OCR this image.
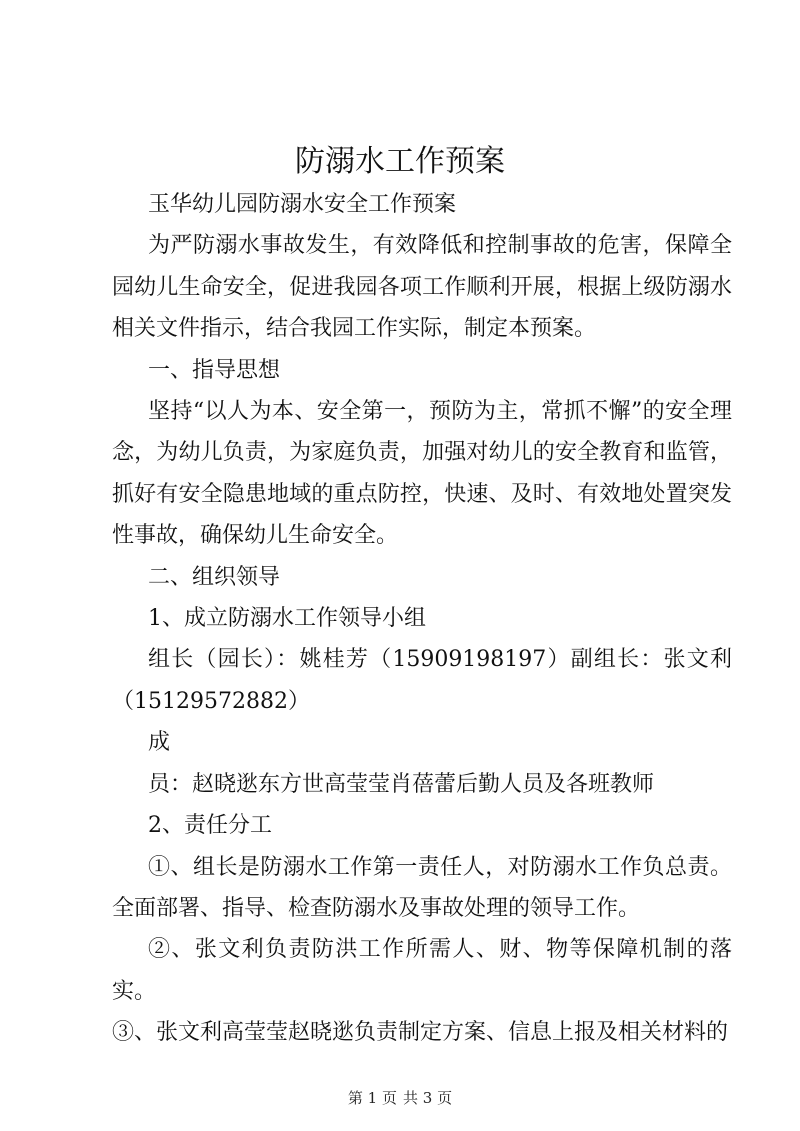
防溺水工作预案

玉华幼儿园防溺水安全工作预案

为严防溺水事故发生，有效降低和控制事故的危害，保障全园幼儿生命安全，促进我园各项工作顺利开展，根据上级防溺水相关文件指示，结合我园工作实际，制定本预案。

一、指导思想

坚持“以人为本、安全第一，预防为主，常抓不懈”的安全理念，为幼儿负责，为家庭负责，加强对幼儿的安全教育和监管，抓好有安全隐患地域的重点防控，快速、及时、有效地处置突发性事故，确保幼儿生命安全。

二、组织领导

1、成立防溺水工作领导小组

组长（园长）：姚桂芳（15909198197）副组长：张文利（15129572882）

成

员：赵晓逖东方世高莹莹肖蓓蕾后勤人员及各班教师

2、责任分工

①、组长是防溺水工作第一责任人，对防溺水工作负总责。全面部署、指导、检查防溺水及事故处理的领导工作。

②、张文利负责防洪工作所需人、财、物等保障机制的落实。

③、张文利高莹莹赵晓逖负责制定方案、信息上报及相关材料的

第 1 页 共 3 页
